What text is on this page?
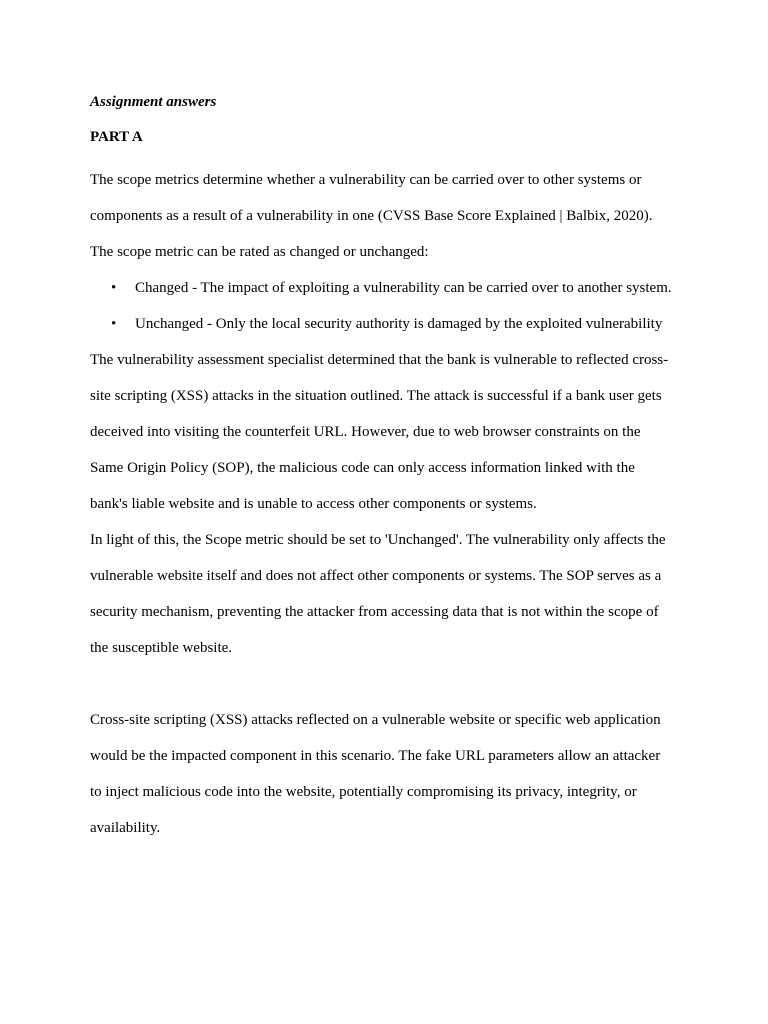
Assignment answers
PART A
The scope metrics determine whether a vulnerability can be carried over to other systems or
components as a result of a vulnerability in one (CVSS Base Score Explained | Balbix, 2020).
The scope metric can be rated as changed or unchanged:
• Changed - The impact of exploiting a vulnerability can be carried over to another system.
• Unchanged - Only the local security authority is damaged by the exploited vulnerability
The vulnerability assessment specialist determined that the bank is vulnerable to reflected cross-
site scripting (XSS) attacks in the situation outlined. The attack is successful if a bank user gets
deceived into visiting the counterfeit URL. However, due to web browser constraints on the
Same Origin Policy (SOP), the malicious code can only access information linked with the
bank's liable website and is unable to access other components or systems.
In light of this, the Scope metric should be set to 'Unchanged'. The vulnerability only affects the
vulnerable website itself and does not affect other components or systems. The SOP serves as a
security mechanism, preventing the attacker from accessing data that is not within the scope of
the susceptible website.
Cross-site scripting (XSS) attacks reflected on a vulnerable website or specific web application
would be the impacted component in this scenario. The fake URL parameters allow an attacker
to inject malicious code into the website, potentially compromising its privacy, integrity, or
availability.
